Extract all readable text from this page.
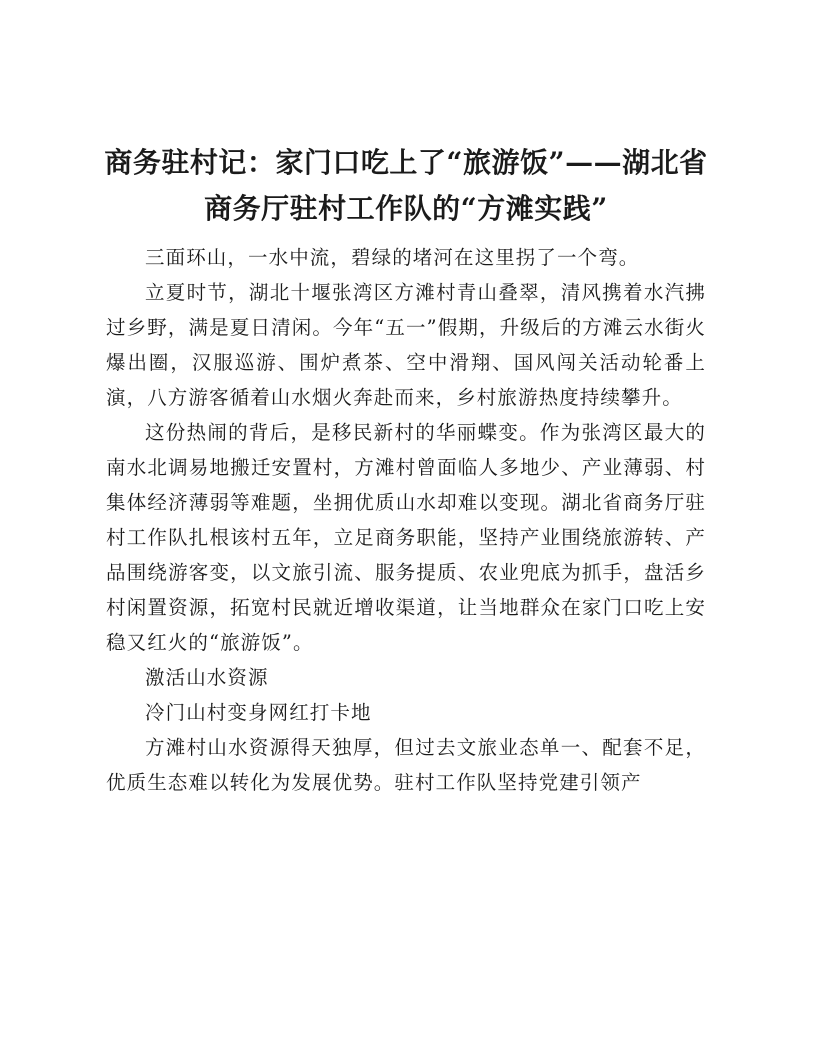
商务驻村记：家门口吃上了“旅游饭”——湖北省商务厅驻村工作队的“方滩实践”

三面环山，一水中流，碧绿的堵河在这里拐了一个弯。

立夏时节，湖北十堰张湾区方滩村青山叠翠，清风携着水汽拂过乡野，满是夏日清闲。今年“五一”假期，升级后的方滩云水街火爆出圈，汉服巡游、围炉煮茶、空中滑翔、国风闯关活动轮番上演，八方游客循着山水烟火奔赴而来，乡村旅游热度持续攀升。

这份热闹的背后，是移民新村的华丽蝶变。作为张湾区最大的南水北调易地搬迁安置村，方滩村曾面临人多地少、产业薄弱、村集体经济薄弱等难题，坐拥优质山水却难以变现。湖北省商务厅驻村工作队扎根该村五年，立足商务职能，坚持产业围绕旅游转、产品围绕游客变，以文旅引流、服务提质、农业兜底为抓手，盘活乡村闲置资源，拓宽村民就近增收渠道，让当地群众在家门口吃上安稳又红火的“旅游饭”。

激活山水资源

冷门山村变身网红打卡地

方滩村山水资源得天独厚，但过去文旅业态单一、配套不足，优质生态难以转化为发展优势。驻村工作队坚持党建引领产
